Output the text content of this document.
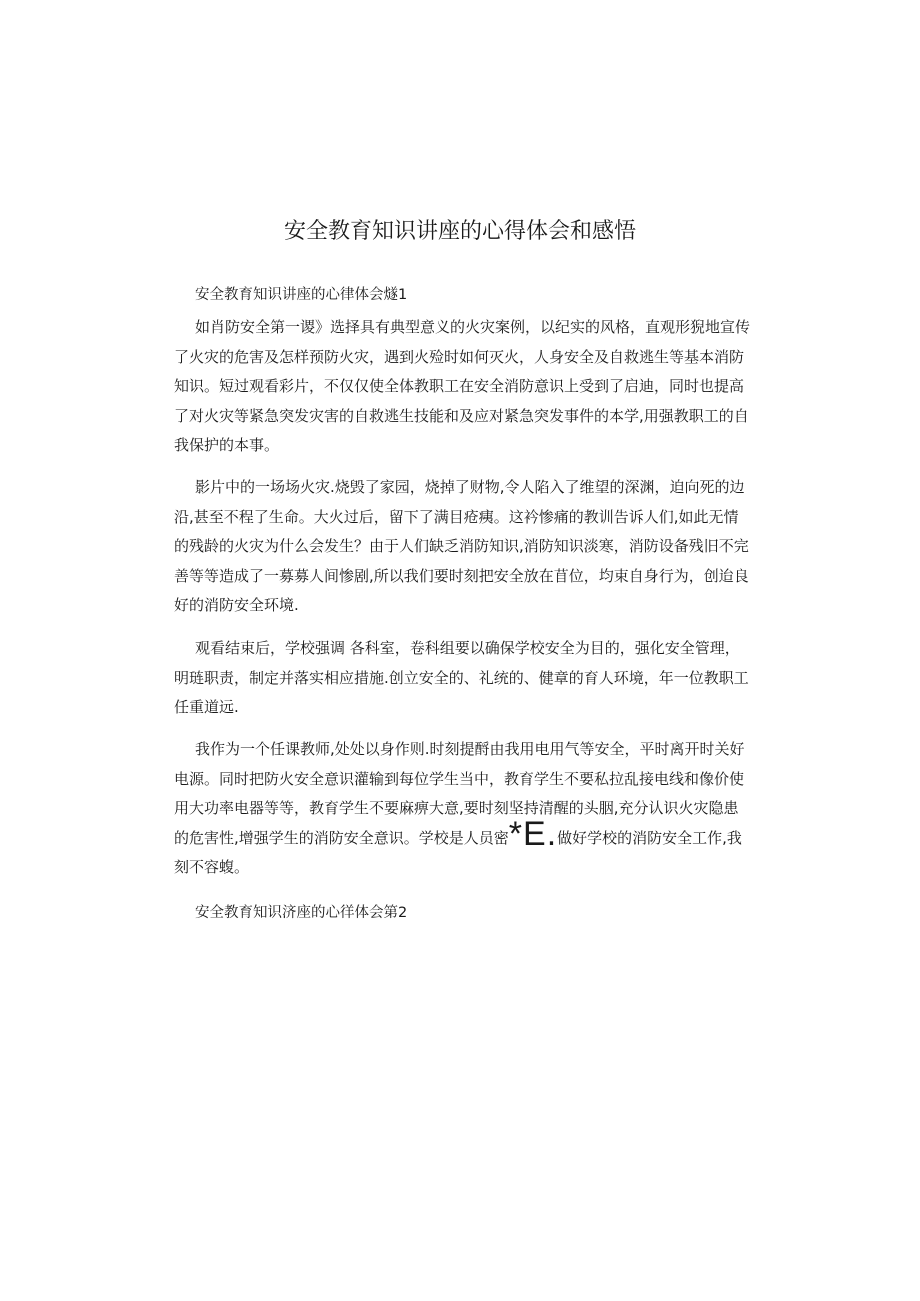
安全教育知识讲座的心得体会和感悟
安全教育知识讲座的心律体会燧1

如肖防安全第一谡》选择具有典型意义的火灾案例，以纪实的风格，直观形猊地宣传了火灾的危害及怎样预防火灾，遇到火殓时如何灭火，人身安全及自救逃生等基本消防知识。短过观看彩片，不仅仅使全体教职工在安全消防意识上受到了启迪，同时也提高了对火灾等紧急突发灾害的自救逃生技能和及应对紧急突发事件的本学,用强教职工的自我保护的本事。

影片中的一场场火灾.烧毁了家园，烧掉了财物,令人陷入了维望的深渊，迫向死的边沿,甚至不程了生命。大火过后，留下了满目疮痍。这衿惨痛的教训告诉人们,如此无情的残龄的火灾为什么会发生？由于人们缺乏消防知识,消防知识淡寒，消防设备残旧不完善等等造成了一募募人间惨剧,所以我们要时刻把安全放在苜位，均束自身行为，创迨良好的消防安全环境.

观看结束后，学校强调 各科室，卷科组要以确保学校安全为目的，强化安全管理，明琏职责，制定并落实相应措施.创立安全的、礼统的、健章的育人环境，年一位教职工任重道远.

我作为一个任课教师,处处以身作则.时刻提酹由我用电用气等安全，平时离开时关好电源。同时把防火安全意识灌输到每位学生当中，教育学生不要私拉乱接电线和像价使用大功率电器等等，教育学生不要麻痹大意,要时刻坚持清醒的头胭,充分认识火灾隐患的危害性,增强学生的消防安全意识。学校是人员密*E.做好学校的消防安全工作,我刻不容蝮。

安全教育知识济座的心徉体会第2
